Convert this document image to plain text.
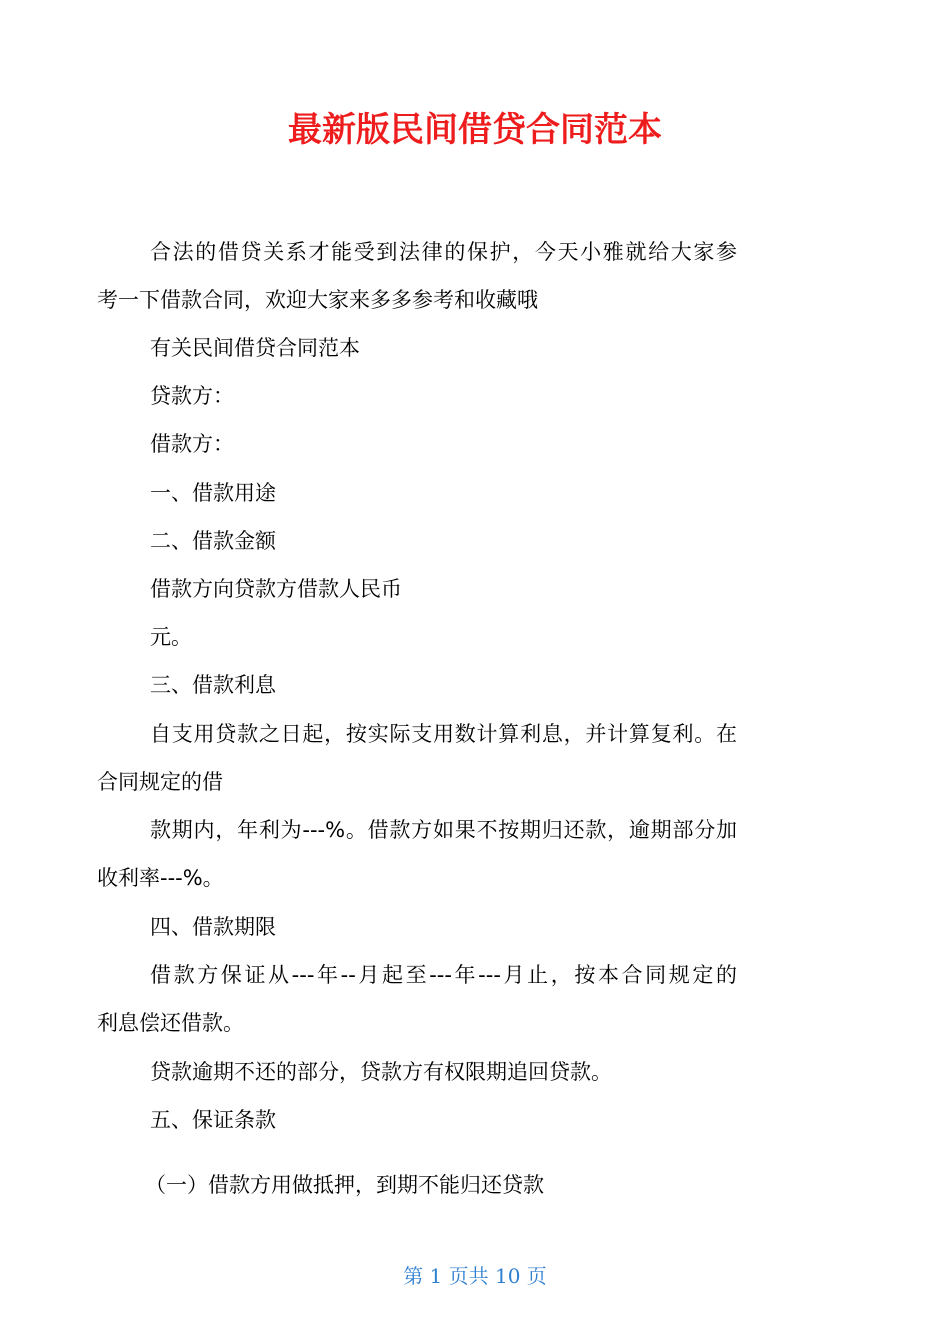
最新版民间借贷合同范本
合法的借贷关系才能受到法律的保护，今天小雅就给大家参
考一下借款合同，欢迎大家来多多参考和收藏哦
有关民间借贷合同范本
贷款方：
借款方：
一、借款用途
二、借款金额
借款方向贷款方借款人民币
元。
三、借款利息
自支用贷款之日起，按实际支用数计算利息，并计算复利。在
合同规定的借
款期内，年利为---%。借款方如果不按期归还款，逾期部分加
收利率---%。
四、借款期限
借款方保证从---年--月起至---年---月止，按本合同规定的
利息偿还借款。
贷款逾期不还的部分，贷款方有权限期追回贷款。
五、保证条款
（一）借款方用做抵押，到期不能归还贷款
第 1 页共 10 页
